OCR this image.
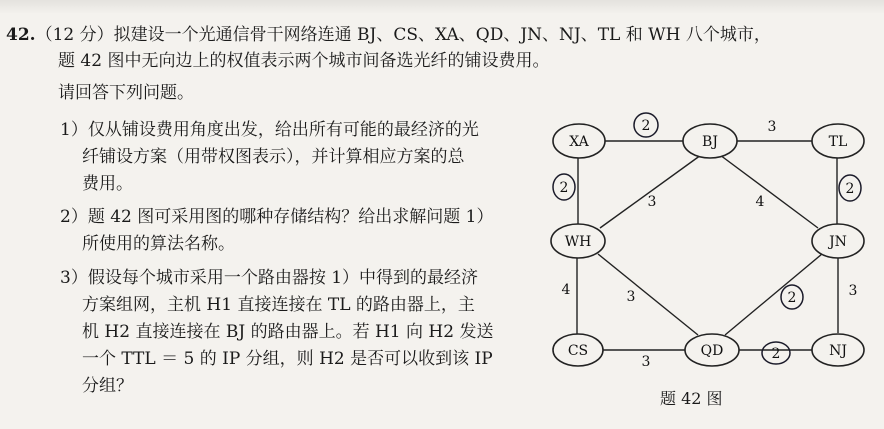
42.（12 分）拟建设一个光通信骨干网络连通 BJ、CS、XA、QD、JN、NJ、TL 和 WH 八个城市，
题 42 图中无向边上的权值表示两个城市间备选光纤的铺设费用。
请回答下列问题。
1）仅从铺设费用角度出发，给出所有可能的最经济的光
纤铺设方案（用带权图表示），并计算相应方案的总
费用。
2）题 42 图可采用图的哪种存储结构？给出求解问题 1）
所使用的算法名称。
3）假设每个城市采用一个路由器按 1）中得到的最经济
方案组网，主机 H1 直接连接在 TL 的路由器上，主
机 H2 直接连接在 BJ 的路由器上。若 H1 向 H2 发送
一个 TTL ＝ 5 的 IP 分组，则 H2 是否可以收到该 IP
分组？
XA	BJ	TL
WH	JN
CS	QD	NJ
2	3
2	2
3	4
4	3	2	3
3	2
题 42 图
